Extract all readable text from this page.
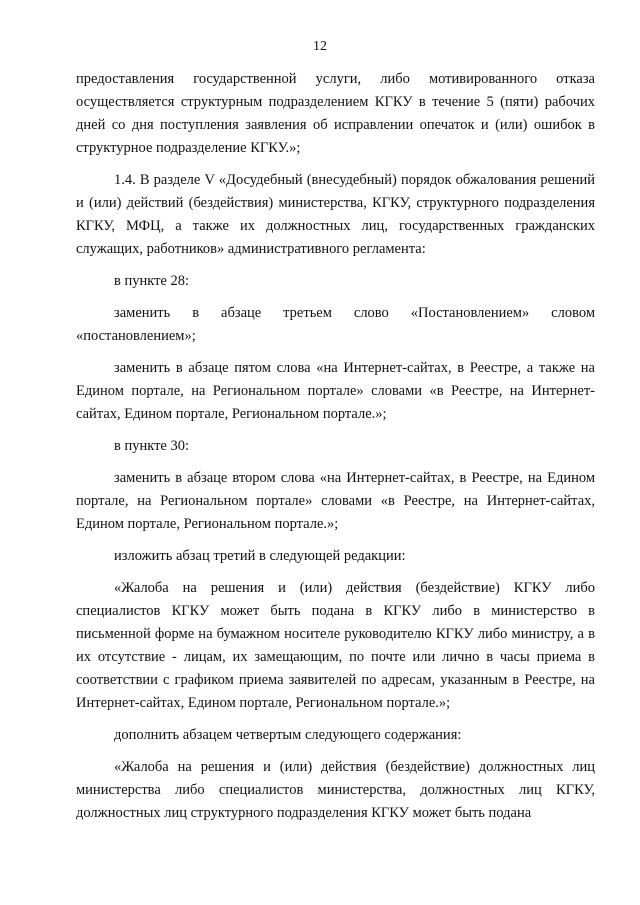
12

предоставления государственной услуги, либо мотивированного отказа осуществляется структурным подразделением КГКУ в течение 5 (пяти) рабочих дней со дня поступления заявления об исправлении опечаток и (или) ошибок в структурное подразделение КГКУ.»;

1.4. В разделе V «Досудебный (внесудебный) порядок обжалования решений и (или) действий (бездействия) министерства, КГКУ, структурного подразделения КГКУ, МФЦ, а также их должностных лиц, государственных гражданских служащих, работников» административного регламента:

в пункте 28:

заменить в абзаце третьем слово «Постановлением» словом «постановлением»;

заменить в абзаце пятом слова «на Интернет-сайтах, в Реестре, а также на Едином портале, на Региональном портале» словами «в Реестре, на Интернет-сайтах, Едином портале, Региональном портале.»;

в пункте 30:

заменить в абзаце втором слова «на Интернет-сайтах, в Реестре, на Едином портале, на Региональном портале» словами «в Реестре, на Интернет-сайтах, Едином портале, Региональном портале.»;

изложить абзац третий в следующей редакции:

«Жалоба на решения и (или) действия (бездействие) КГКУ либо специалистов КГКУ может быть подана в КГКУ либо в министерство в письменной форме на бумажном носителе руководителю КГКУ либо министру, а в их отсутствие - лицам, их замещающим, по почте или лично в часы приема в соответствии с графиком приема заявителей по адресам, указанным в Реестре, на Интернет-сайтах, Едином портале, Региональном портале.»;

дополнить абзацем четвертым следующего содержания:

«Жалоба на решения и (или) действия (бездействие) должностных лиц министерства либо специалистов министерства, должностных лиц КГКУ, должностных лиц структурного подразделения КГКУ может быть подана
